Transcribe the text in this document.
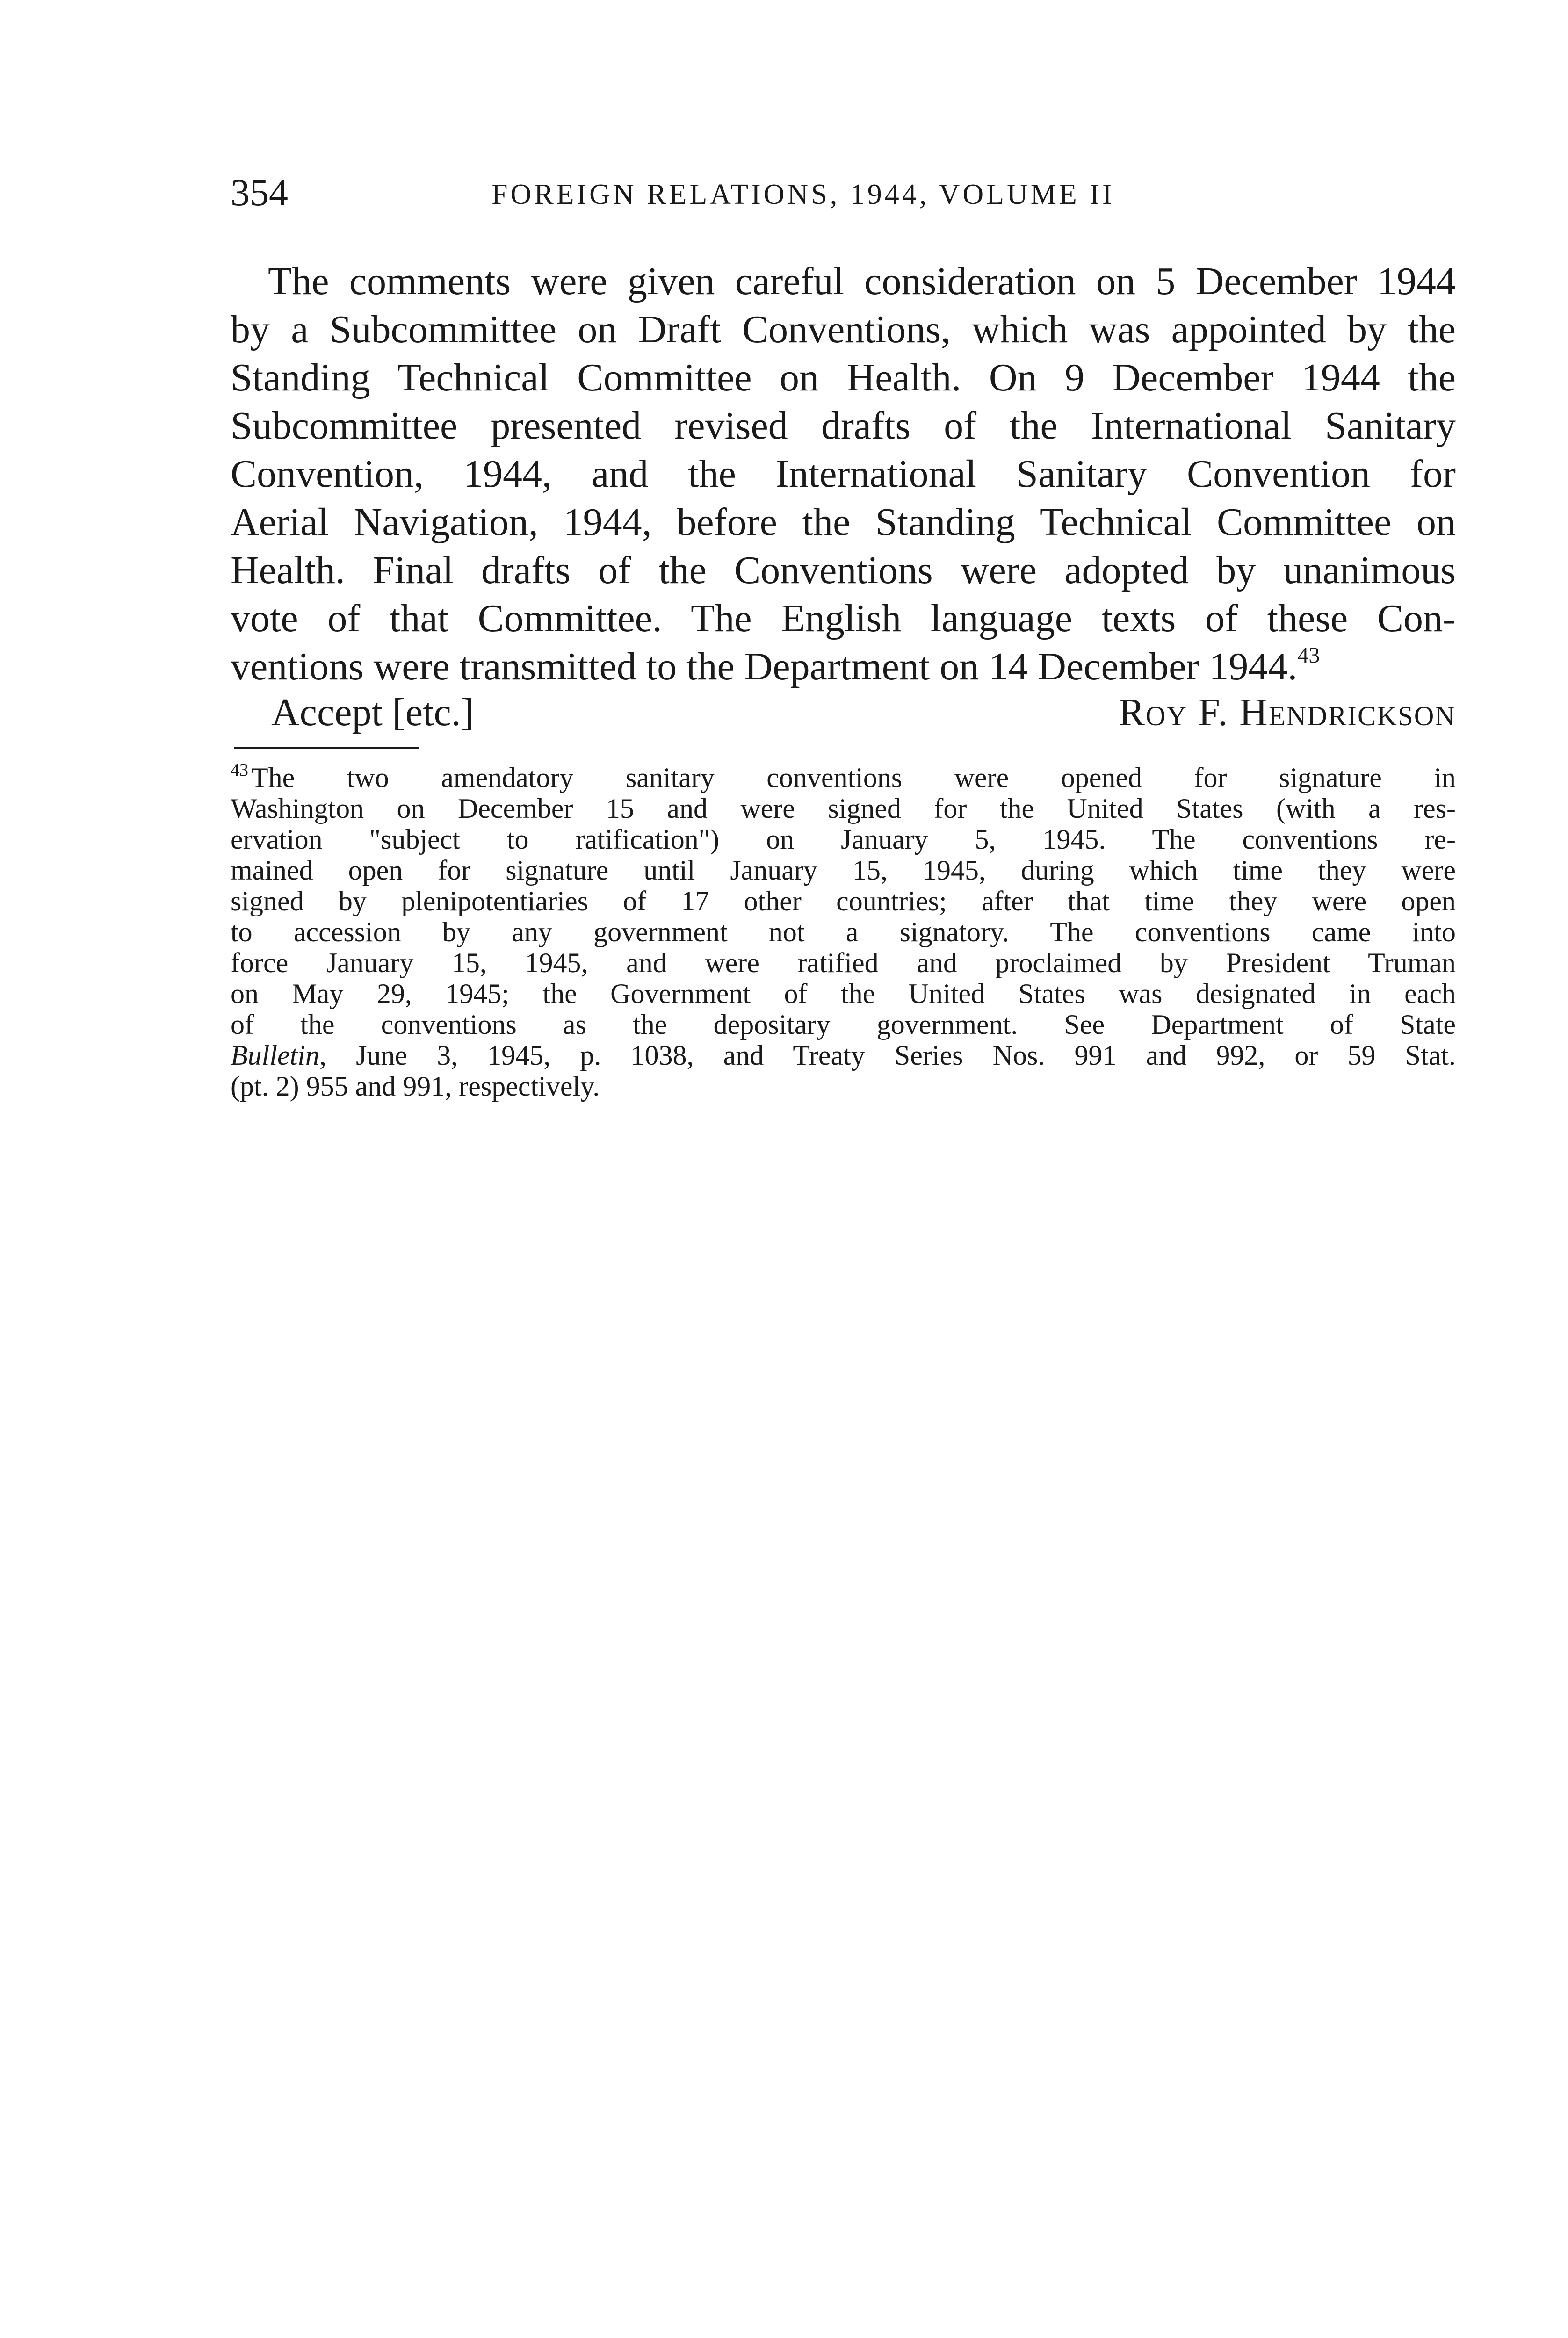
354	FOREIGN RELATIONS, 1944, VOLUME II

The comments were given careful consideration on 5 December 1944
by a Subcommittee on Draft Conventions, which was appointed by the
Standing Technical Committee on Health. On 9 December 1944 the
Subcommittee presented revised drafts of the International Sanitary
Convention, 1944, and the International Sanitary Convention for
Aerial Navigation, 1944, before the Standing Technical Committee on
Health. Final drafts of the Conventions were adopted by unanimous
vote of that Committee. The English language texts of these Con-
ventions were transmitted to the Department on 14 December 1944.43

Accept [etc.]	Roy F. Hendrickson

$^{43}$ The two amendatory sanitary conventions were opened for signature in
Washington on December 15 and were signed for the United States (with a res-
ervation "subject to ratification") on January 5, 1945. The conventions re-
mained open for signature until January 15, 1945, during which time they were
signed by plenipotentiaries of 17 other countries; after that time they were open
to accession by any government not a signatory. The conventions came into
force January 15, 1945, and were ratified and proclaimed by President Truman
on May 29, 1945; the Government of the United States was designated in each
of the conventions as the depositary government. See Department of State
Bulletin, June 3, 1945, p. 1038, and Treaty Series Nos. 991 and 992, or 59 Stat.
(pt. 2) 955 and 991, respectively.
